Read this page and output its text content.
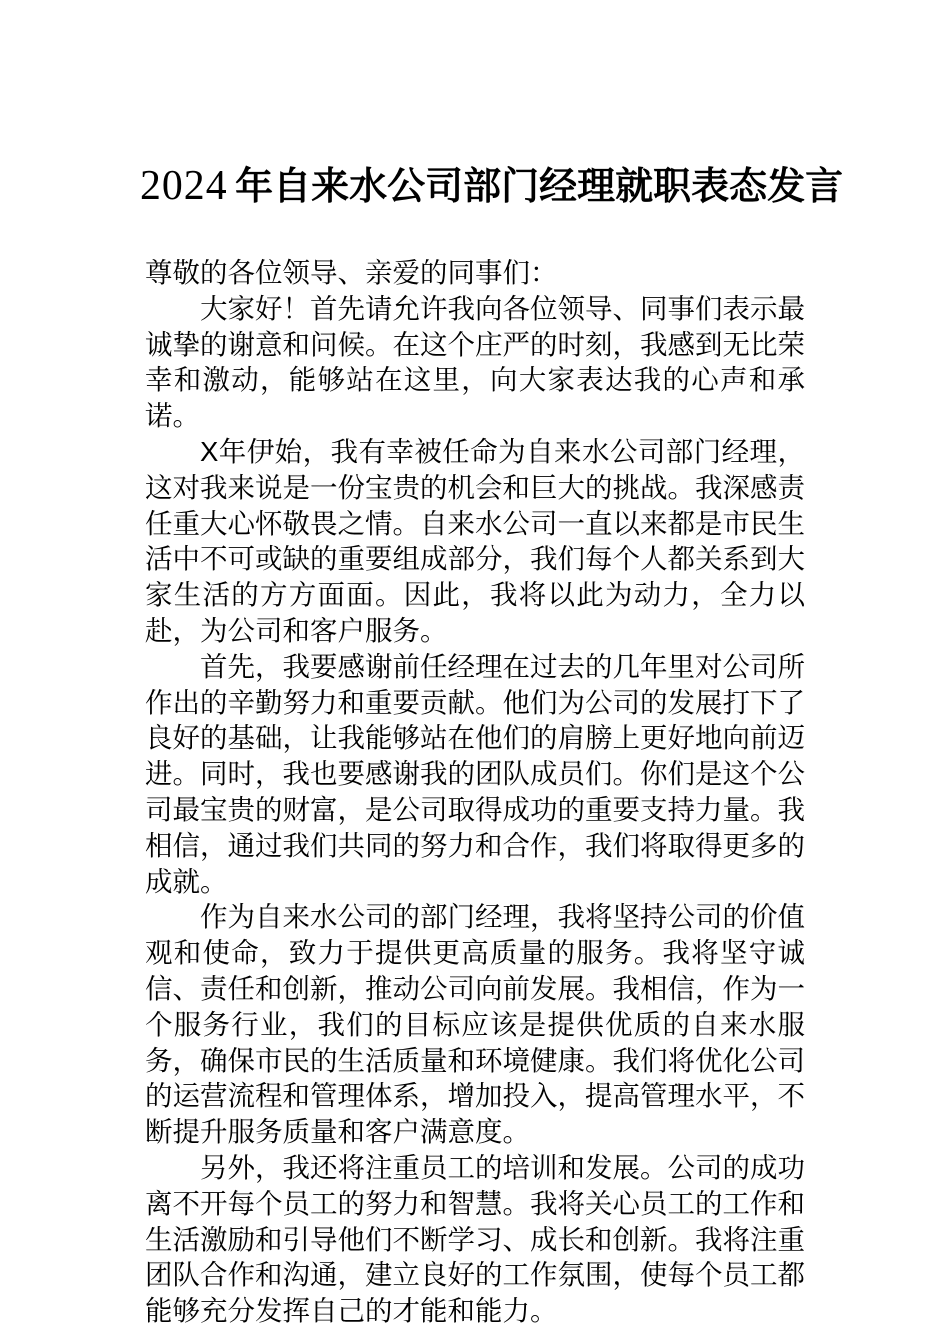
2024 年自来水公司部门经理就职表态发言

尊敬的各位领导、亲爱的同事们：

大家好！首先请允许我向各位领导、同事们表示最诚挚的谢意和问候。在这个庄严的时刻，我感到无比荣幸和激动，能够站在这里，向大家表达我的心声和承诺。

X年伊始，我有幸被任命为自来水公司部门经理，这对我来说是一份宝贵的机会和巨大的挑战。我深感责任重大心怀敬畏之情。自来水公司一直以来都是市民生活中不可或缺的重要组成部分，我们每个人都关系到大家生活的方方面面。因此，我将以此为动力，全力以赴，为公司和客户服务。

首先，我要感谢前任经理在过去的几年里对公司所作出的辛勤努力和重要贡献。他们为公司的发展打下了良好的基础，让我能够站在他们的肩膀上更好地向前迈进。同时，我也要感谢我的团队成员们。你们是这个公司最宝贵的财富，是公司取得成功的重要支持力量。我相信，通过我们共同的努力和合作，我们将取得更多的成就。

作为自来水公司的部门经理，我将坚持公司的价值观和使命，致力于提供更高质量的服务。我将坚守诚信、责任和创新，推动公司向前发展。我相信，作为一个服务行业，我们的目标应该是提供优质的自来水服务，确保市民的生活质量和环境健康。我们将优化公司的运营流程和管理体系，增加投入，提高管理水平，不断提升服务质量和客户满意度。

另外，我还将注重员工的培训和发展。公司的成功离不开每个员工的努力和智慧。我将关心员工的工作和生活激励和引导他们不断学习、成长和创新。我将注重团队合作和沟通，建立良好的工作氛围，使每个员工都能够充分发挥自己的才能和能力。
